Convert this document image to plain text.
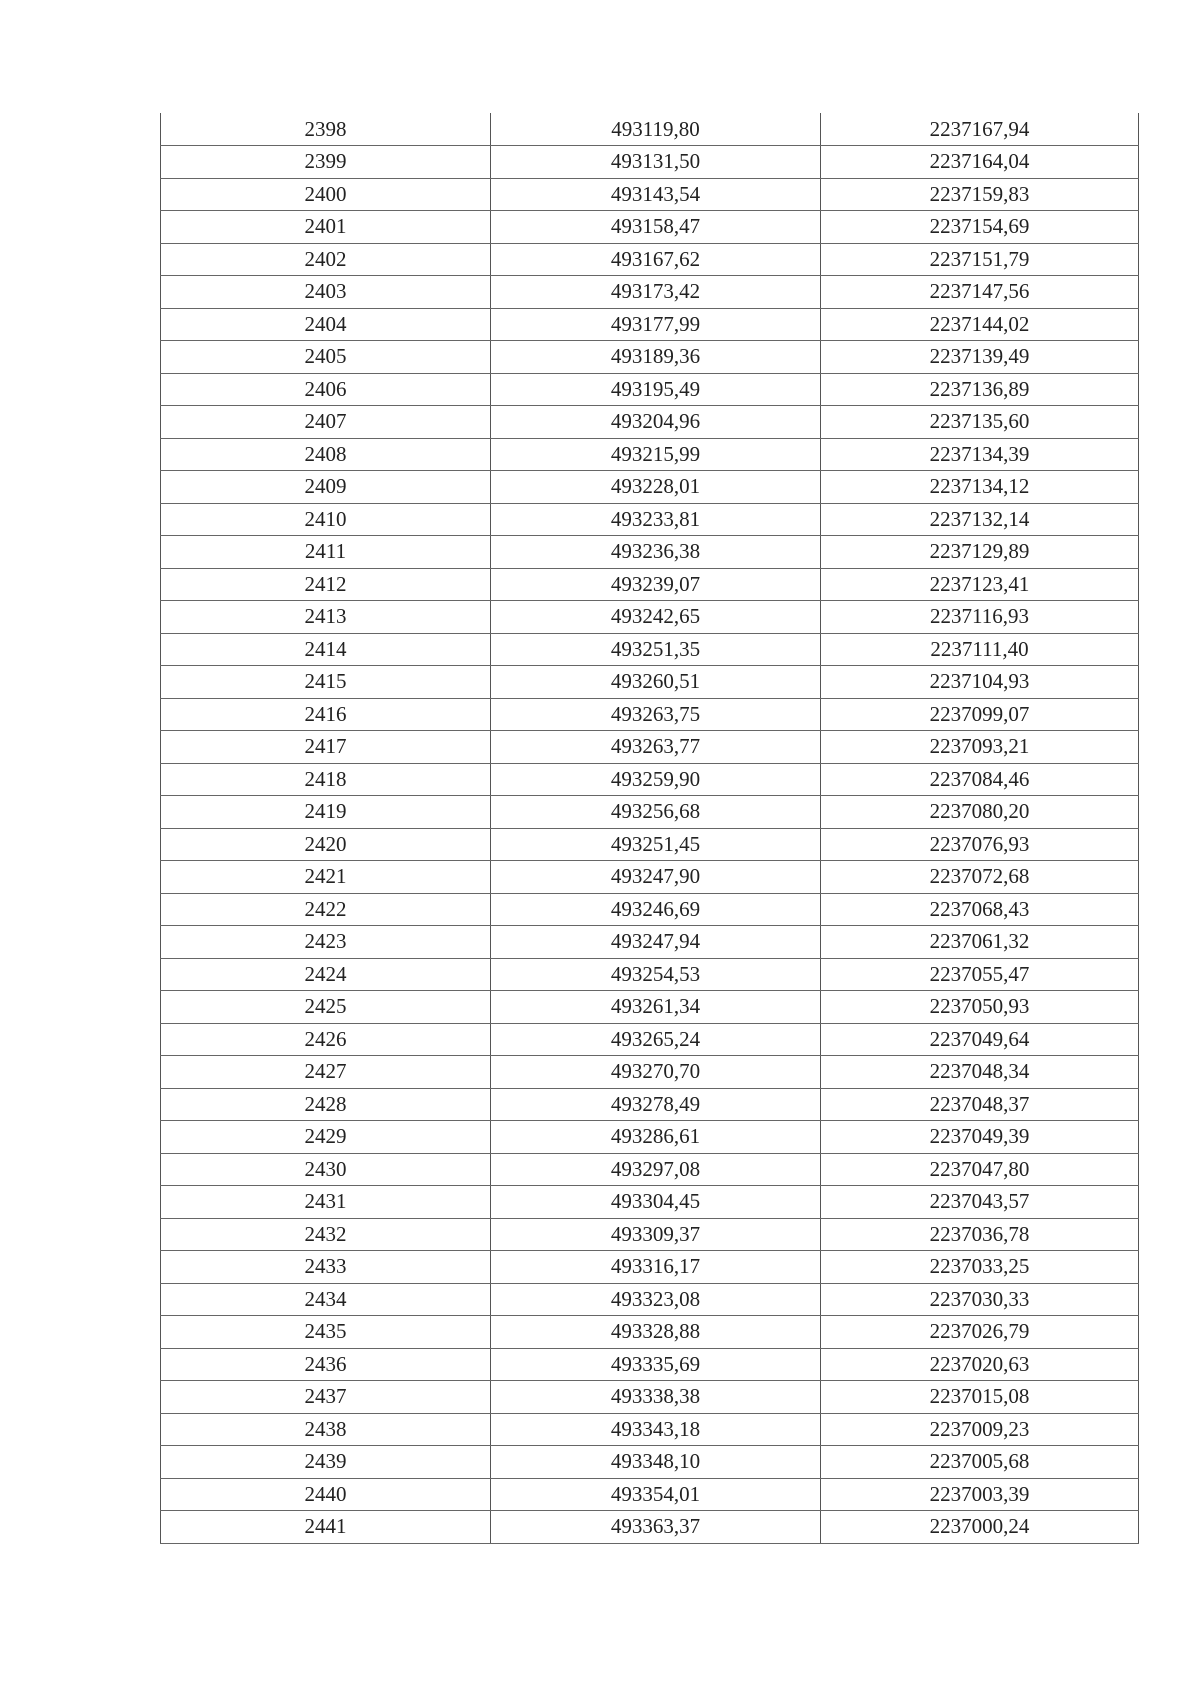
2398	493119,80	2237167,94
2399	493131,50	2237164,04
2400	493143,54	2237159,83
2401	493158,47	2237154,69
2402	493167,62	2237151,79
2403	493173,42	2237147,56
2404	493177,99	2237144,02
2405	493189,36	2237139,49
2406	493195,49	2237136,89
2407	493204,96	2237135,60
2408	493215,99	2237134,39
2409	493228,01	2237134,12
2410	493233,81	2237132,14
2411	493236,38	2237129,89
2412	493239,07	2237123,41
2413	493242,65	2237116,93
2414	493251,35	2237111,40
2415	493260,51	2237104,93
2416	493263,75	2237099,07
2417	493263,77	2237093,21
2418	493259,90	2237084,46
2419	493256,68	2237080,20
2420	493251,45	2237076,93
2421	493247,90	2237072,68
2422	493246,69	2237068,43
2423	493247,94	2237061,32
2424	493254,53	2237055,47
2425	493261,34	2237050,93
2426	493265,24	2237049,64
2427	493270,70	2237048,34
2428	493278,49	2237048,37
2429	493286,61	2237049,39
2430	493297,08	2237047,80
2431	493304,45	2237043,57
2432	493309,37	2237036,78
2433	493316,17	2237033,25
2434	493323,08	2237030,33
2435	493328,88	2237026,79
2436	493335,69	2237020,63
2437	493338,38	2237015,08
2438	493343,18	2237009,23
2439	493348,10	2237005,68
2440	493354,01	2237003,39
2441	493363,37	2237000,24
